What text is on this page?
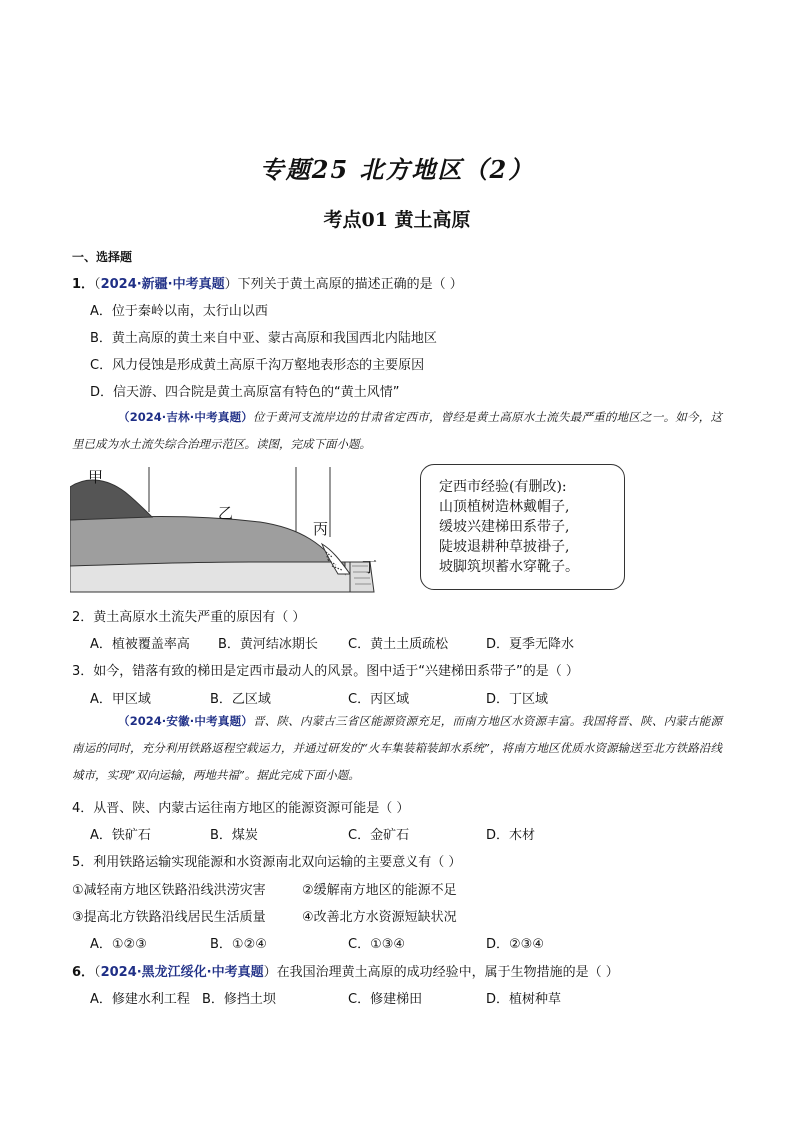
专题25 北方地区（2）
考点01 黄土高原
一、选择题
1．（2024·新疆·中考真题）下列关于黄土高原的描述正确的是（ ）
A．位于秦岭以南，太行山以西
B．黄土高原的黄土来自中亚、蒙古高原和我国西北内陆地区
C．风力侵蚀是形成黄土高原千沟万壑地表形态的主要原因
D．信天游、四合院是黄土高原富有特色的“黄土风情”
（2024·吉林·中考真题）位于黄河支流岸边的甘肃省定西市，曾经是黄土高原水土流失最严重的地区之一。如今，这里已成为水土流失综合治理示范区。读图，完成下面小题。
甲
乙
丙
丁
定西市经验(有删改):
山顶植树造林戴帽子,
缓坡兴建梯田系带子,
陡坡退耕种草披褂子,
坡脚筑坝蓄水穿靴子。
2．黄土高原水土流失严重的原因有（ ）
A．植被覆盖率高 B．黄河结冰期长 C．黄土土质疏松	D．夏季无降水
3．如今，错落有致的梯田是定西市最动人的风景。图中适于“兴建梯田系带子”的是（ ）
A．甲区域	B．乙区域	C．丙区域	D．丁区域
（2024·安徽·中考真题）晋、陕、内蒙古三省区能源资源充足，而南方地区水资源丰富。我国将晋、陕、内蒙古能源南运的同时，充分利用铁路返程空载运力，并通过研发的“火车集装箱装卸水系统”，将南方地区优质水资源输送至北方铁路沿线城市，实现“双向运输，两地共福”。据此完成下面小题。
4．从晋、陕、内蒙古运往南方地区的能源资源可能是（ ）
A．铁矿石	B．煤炭	C．金矿石	D．木材
5．利用铁路运输实现能源和水资源南北双向运输的主要意义有（ ）
①减轻南方地区铁路沿线洪涝灾害	②缓解南方地区的能源不足
③提高北方铁路沿线居民生活质量	④改善北方水资源短缺状况
A．①②③	B．①②④	C．①③④	D．②③④
6．（2024·黑龙江绥化·中考真题）在我国治理黄土高原的成功经验中，属于生物措施的是（ ）
A．修建水利工程 B．修挡土坝	C．修建梯田	D．植树种草
